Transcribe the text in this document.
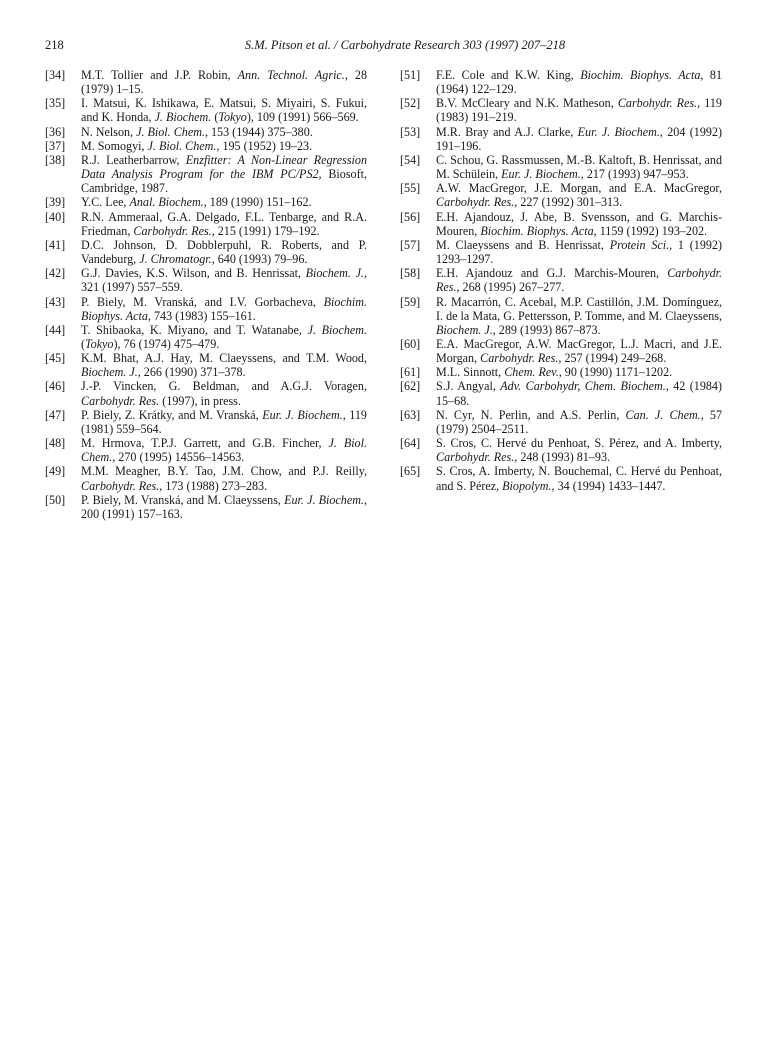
218	S.M. Pitson et al. / Carbohydrate Research 303 (1997) 207–218
[34] M.T. Tollier and J.P. Robin, Ann. Technol. Agric., 28 (1979) 1–15.
[35] I. Matsui, K. Ishikawa, E. Matsui, S. Miyairi, S. Fukui, and K. Honda, J. Biochem. (Tokyo), 109 (1991) 566–569.
[36] N. Nelson, J. Biol. Chem., 153 (1944) 375–380.
[37] M. Somogyi, J. Biol. Chem., 195 (1952) 19–23.
[38] R.J. Leatherbarrow, Enzfitter: A Non-Linear Regression Data Analysis Program for the IBM PC/PS2, Biosoft, Cambridge, 1987.
[39] Y.C. Lee, Anal. Biochem., 189 (1990) 151–162.
[40] R.N. Ammeraal, G.A. Delgado, F.L. Tenbarge, and R.A. Friedman, Carbohydr. Res., 215 (1991) 179–192.
[41] D.C. Johnson, D. Dobblerpuhl, R. Roberts, and P. Vandeburg, J. Chromatogr., 640 (1993) 79–96.
[42] G.J. Davies, K.S. Wilson, and B. Henrissat, Biochem. J., 321 (1997) 557–559.
[43] P. Biely, M. Vranská, and I.V. Gorbacheva, Biochim. Biophys. Acta, 743 (1983) 155–161.
[44] T. Shibaoka, K. Miyano, and T. Watanabe, J. Biochem. (Tokyo), 76 (1974) 475–479.
[45] K.M. Bhat, A.J. Hay, M. Claeyssens, and T.M. Wood, Biochem. J., 266 (1990) 371–378.
[46] J.-P. Vincken, G. Beldman, and A.G.J. Voragen, Carbohydr. Res. (1997), in press.
[47] P. Biely, Z. Krátky, and M. Vranská, Eur. J. Biochem., 119 (1981) 559–564.
[48] M. Hrmova, T.P.J. Garrett, and G.B. Fincher, J. Biol. Chem., 270 (1995) 14556–14563.
[49] M.M. Meagher, B.Y. Tao, J.M. Chow, and P.J. Reilly, Carbohydr. Res., 173 (1988) 273–283.
[50] P. Biely, M. Vranská, and M. Claeyssens, Eur. J. Biochem., 200 (1991) 157–163.
[51] F.E. Cole and K.W. King, Biochim. Biophys. Acta, 81 (1964) 122–129.
[52] B.V. McCleary and N.K. Matheson, Carbohydr. Res., 119 (1983) 191–219.
[53] M.R. Bray and A.J. Clarke, Eur. J. Biochem., 204 (1992) 191–196.
[54] C. Schou, G. Rassmussen, M.-B. Kaltoft, B. Henrissat, and M. Schülein, Eur. J. Biochem., 217 (1993) 947–953.
[55] A.W. MacGregor, J.E. Morgan, and E.A. MacGregor, Carbohydr. Res., 227 (1992) 301–313.
[56] E.H. Ajandouz, J. Abe, B. Svensson, and G. Marchis-Mouren, Biochim. Biophys. Acta, 1159 (1992) 193–202.
[57] M. Claeyssens and B. Henrissat, Protein Sci., 1 (1992) 1293–1297.
[58] E.H. Ajandouz and G.J. Marchis-Mouren, Carbohydr. Res., 268 (1995) 267–277.
[59] R. Macarrón, C. Acebal, M.P. Castillón, J.M. Domínguez, I. de la Mata, G. Pettersson, P. Tomme, and M. Claeyssens, Biochem. J., 289 (1993) 867–873.
[60] E.A. MacGregor, A.W. MacGregor, L.J. Macri, and J.E. Morgan, Carbohydr. Res., 257 (1994) 249–268.
[61] M.L. Sinnott, Chem. Rev., 90 (1990) 1171–1202.
[62] S.J. Angyal, Adv. Carbohydr, Chem. Biochem., 42 (1984) 15–68.
[63] N. Cyr, N. Perlin, and A.S. Perlin, Can. J. Chem., 57 (1979) 2504–2511.
[64] S. Cros, C. Hervé du Penhoat, S. Pérez, and A. Imberty, Carbohydr. Res., 248 (1993) 81–93.
[65] S. Cros, A. Imberty, N. Bouchemal, C. Hervé du Penhoat, and S. Pérez, Biopolym., 34 (1994) 1433–1447.
